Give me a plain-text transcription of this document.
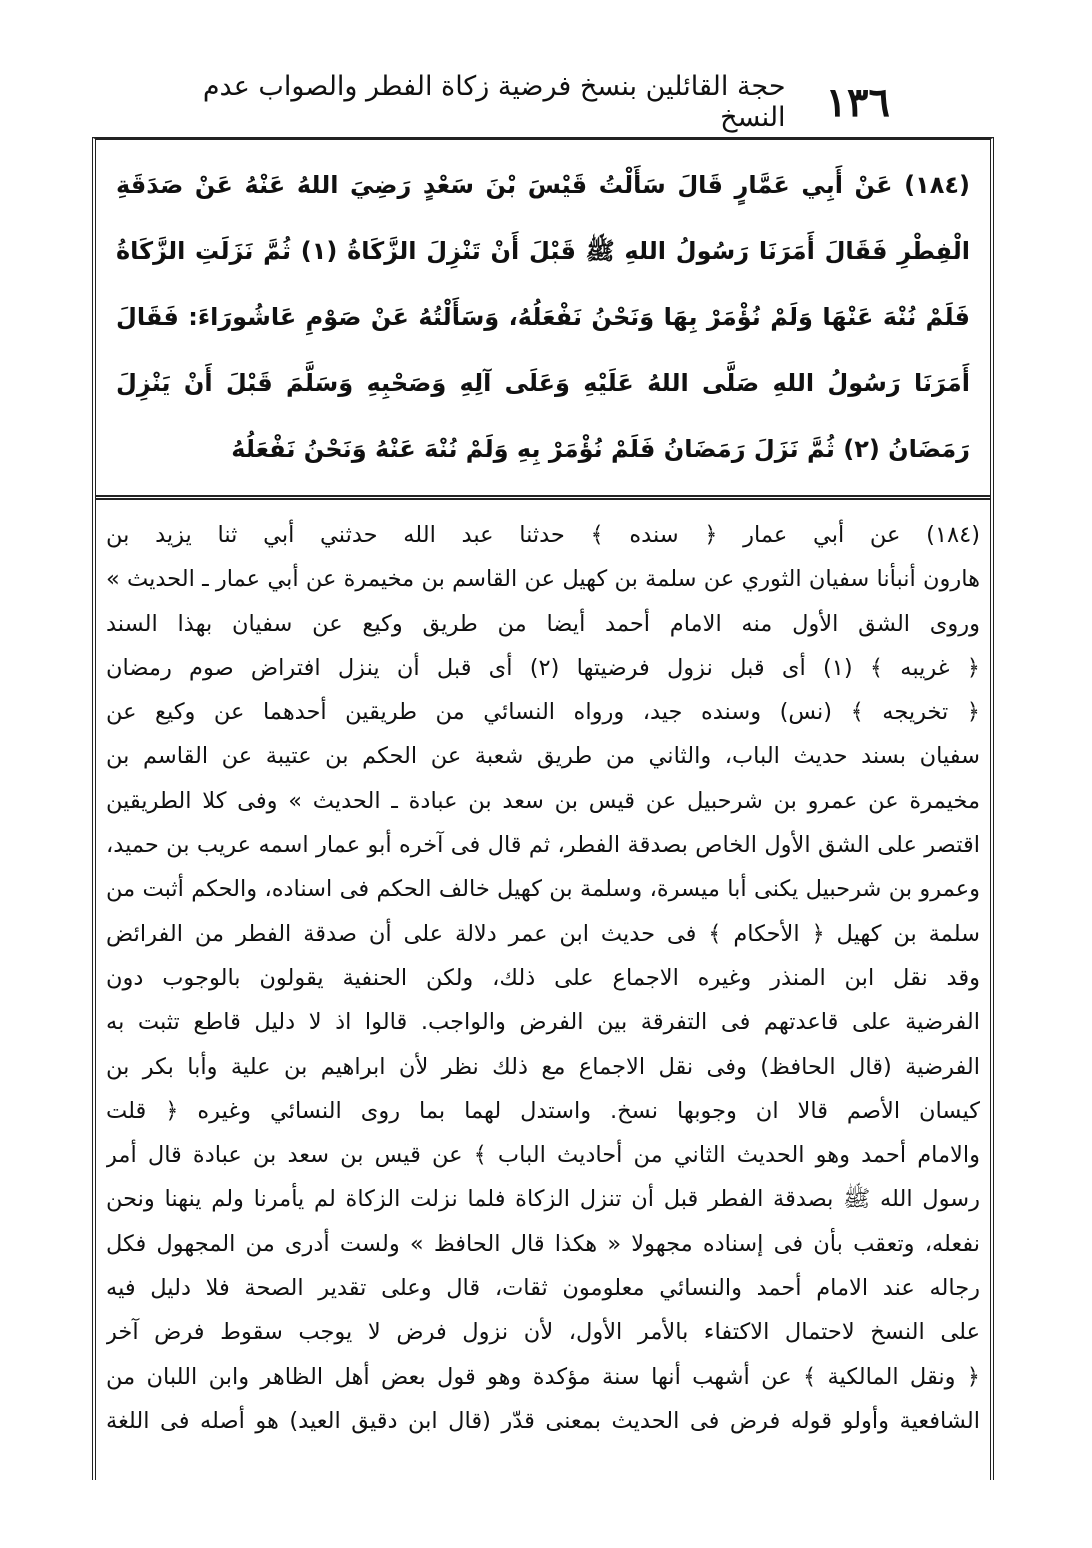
١٣٦
حجة القائلين بنسخ فرضية زكاة الفطر والصواب عدم النسخ

(١٨٤) عَنْ أَبِي عَمَّارٍ قَالَ سَأَلْتُ قَيْسَ بْنَ سَعْدٍ رَضِيَ اللهُ عَنْهُ عَنْ صَدَقَةِ الْفِطْرِ فَقَالَ أَمَرَنَا رَسُولُ اللهِ ﷺ قَبْلَ أَنْ تَنْزِلَ الزَّكَاةُ (١) ثُمَّ نَزَلَتِ الزَّكَاةُ فَلَمْ نُنْهَ عَنْهَا وَلَمْ نُؤْمَرْ بِهَا وَنَحْنُ نَفْعَلُهُ، وَسَأَلْتُهُ عَنْ صَوْمِ عَاشُورَاءَ: فَقَالَ أَمَرَنَا رَسُولُ اللهِ صَلَّى اللهُ عَلَيْهِ وَعَلَى آلِهِ وَصَحْبِهِ وَسَلَّمَ قَبْلَ أَنْ يَنْزِلَ رَمَضَانُ (٢) ثُمَّ نَزَلَ رَمَضَانُ فَلَمْ نُؤْمَرْ بِهِ وَلَمْ نُنْهَ عَنْهُ وَنَحْنُ نَفْعَلُهُ

(١٨٤) عن أبي عمار ﴿ سنده ﴾ حدثنا عبد الله حدثني أبي ثنا يزيد بن
هارون أنبأنا سفيان الثوري عن سلمة بن كهيل عن القاسم بن مخيمرة عن أبي عمار ـ الحديث »
وروى الشق الأول منه الامام أحمد أيضا من طريق وكيع عن سفيان بهذا السند
﴿ غريبه ﴾ (١) أى قبل نزول فرضيتها (٢) أى قبل أن ينزل افتراض صوم رمضان
﴿ تخريجه ﴾ (نس) وسنده جيد، ورواه النسائي من طريقين أحدهما عن وكيع عن
سفيان بسند حديث الباب، والثاني من طريق شعبة عن الحكم بن عتيبة عن القاسم بن
مخيمرة عن عمرو بن شرحبيل عن قيس بن سعد بن عبادة ـ الحديث » وفى كلا الطريقين
اقتصر على الشق الأول الخاص بصدقة الفطر، ثم قال فى آخره أبو عمار اسمه عريب بن حميد،
وعمرو بن شرحبيل يكنى أبا ميسرة، وسلمة بن كهيل خالف الحكم فى اسناده، والحكم أثبت من
سلمة بن كهيل ﴿ الأحكام ﴾ فى حديث ابن عمر دلالة على أن صدقة الفطر من الفرائض
وقد نقل ابن المنذر وغيره الاجماع على ذلك، ولكن الحنفية يقولون بالوجوب دون
الفرضية على قاعدتهم فى التفرقة بين الفرض والواجب. قالوا اذ لا دليل قاطع تثبت به
الفرضية (قال الحافظ) وفى نقل الاجماع مع ذلك نظر لأن ابراهيم بن علية وأبا بكر بن
كيسان الأصم قالا ان وجوبها نسخ. واستدل لهما بما روى النسائي وغيره ﴿ قلت
والامام أحمد وهو الحديث الثاني من أحاديث الباب ﴾ عن قيس بن سعد بن عبادة قال أمر
رسول الله ﷺ بصدقة الفطر قبل أن تنزل الزكاة فلما نزلت الزكاة لم يأمرنا ولم ينهنا ونحن
نفعله، وتعقب بأن فى إسناده مجهولا « هكذا قال الحافظ » ولست أدرى من المجهول فكل
رجاله عند الامام أحمد والنسائي معلومون ثقات، قال وعلى تقدير الصحة فلا دليل فيه
على النسخ لاحتمال الاكتفاء بالأمر الأول، لأن نزول فرض لا يوجب سقوط فرض آخر
﴿ ونقل المالكية ﴾ عن أشهب أنها سنة مؤكدة وهو قول بعض أهل الظاهر وابن اللبان من
الشافعية وأولو قوله فرض فى الحديث بمعنى قدّر (قال ابن دقيق العيد) هو أصله فى اللغة
